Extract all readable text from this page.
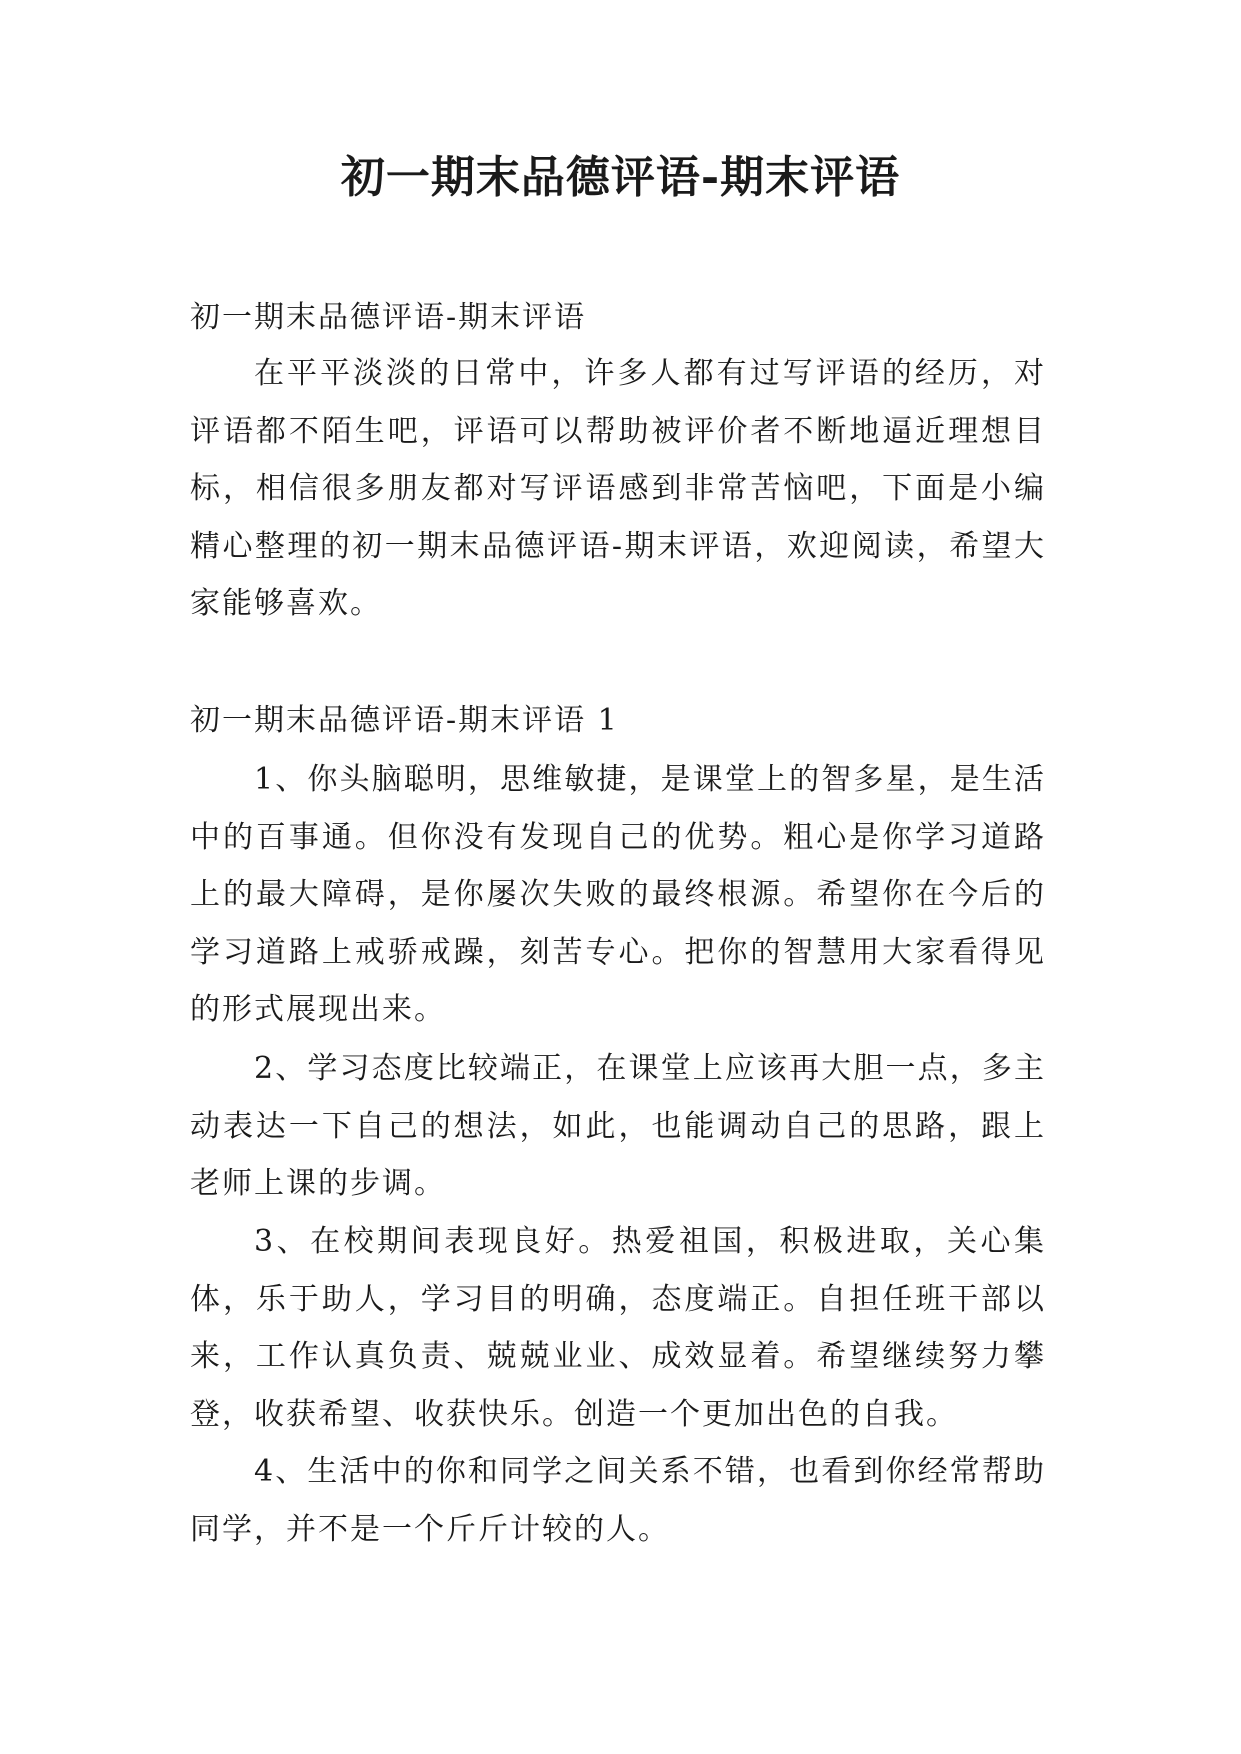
初一期末品德评语-期末评语

初一期末品德评语-期末评语

在平平淡淡的日常中，许多人都有过写评语的经历，对评语都不陌生吧，评语可以帮助被评价者不断地逼近理想目标，相信很多朋友都对写评语感到非常苦恼吧，下面是小编精心整理的初一期末品德评语-期末评语，欢迎阅读，希望大家能够喜欢。

初一期末品德评语-期末评语 1

1、你头脑聪明，思维敏捷，是课堂上的智多星，是生活中的百事通。但你没有发现自己的优势。粗心是你学习道路上的最大障碍，是你屡次失败的最终根源。希望你在今后的学习道路上戒骄戒躁，刻苦专心。把你的智慧用大家看得见的形式展现出来。

2、学习态度比较端正，在课堂上应该再大胆一点，多主动表达一下自己的想法，如此，也能调动自己的思路，跟上老师上课的步调。

3、在校期间表现良好。热爱祖国，积极进取，关心集体，乐于助人，学习目的明确，态度端正。自担任班干部以来，工作认真负责、兢兢业业、成效显着。希望继续努力攀登，收获希望、收获快乐。创造一个更加出色的自我。

4、生活中的你和同学之间关系不错，也看到你经常帮助同学，并不是一个斤斤计较的人。
